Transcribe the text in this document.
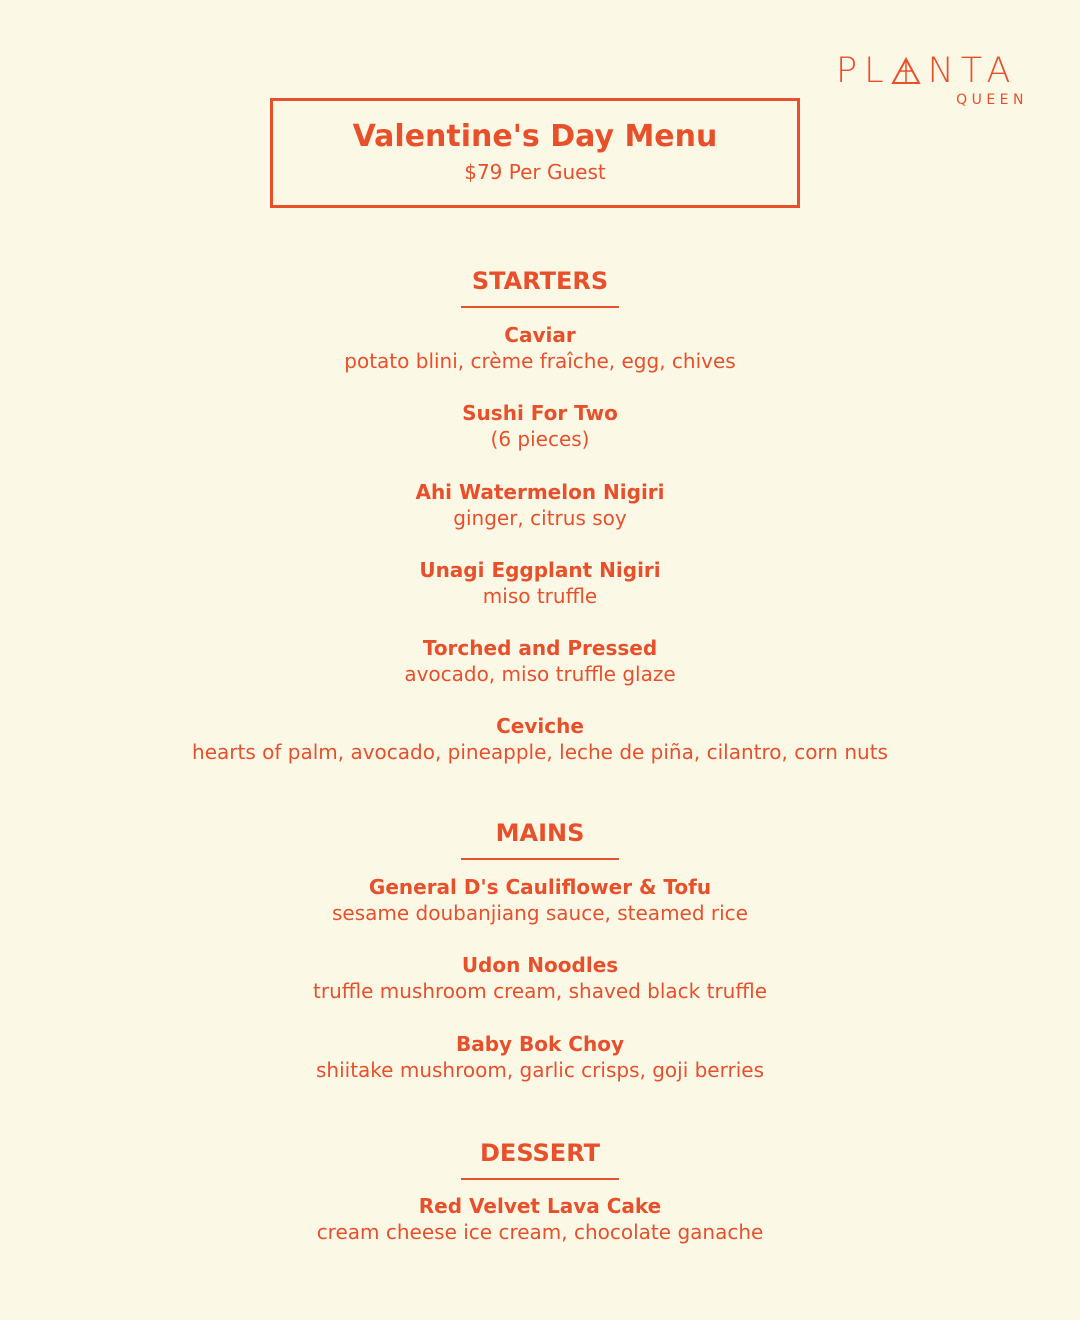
PL NTA
QUEEN
Valentine's Day Menu
$79 Per Guest
STARTERS
Caviar
potato blini, crème fraîche, egg, chives
Sushi For Two
(6 pieces)
Ahi Watermelon Nigiri
ginger, citrus soy
Unagi Eggplant Nigiri
miso truffle
Torched and Pressed
avocado, miso truffle glaze
Ceviche
hearts of palm, avocado, pineapple, leche de piña, cilantro, corn nuts
MAINS
General D's Cauliflower & Tofu
sesame doubanjiang sauce, steamed rice
Udon Noodles
truffle mushroom cream, shaved black truffle
Baby Bok Choy
shiitake mushroom, garlic crisps, goji berries
DESSERT
Red Velvet Lava Cake
cream cheese ice cream, chocolate ganache
